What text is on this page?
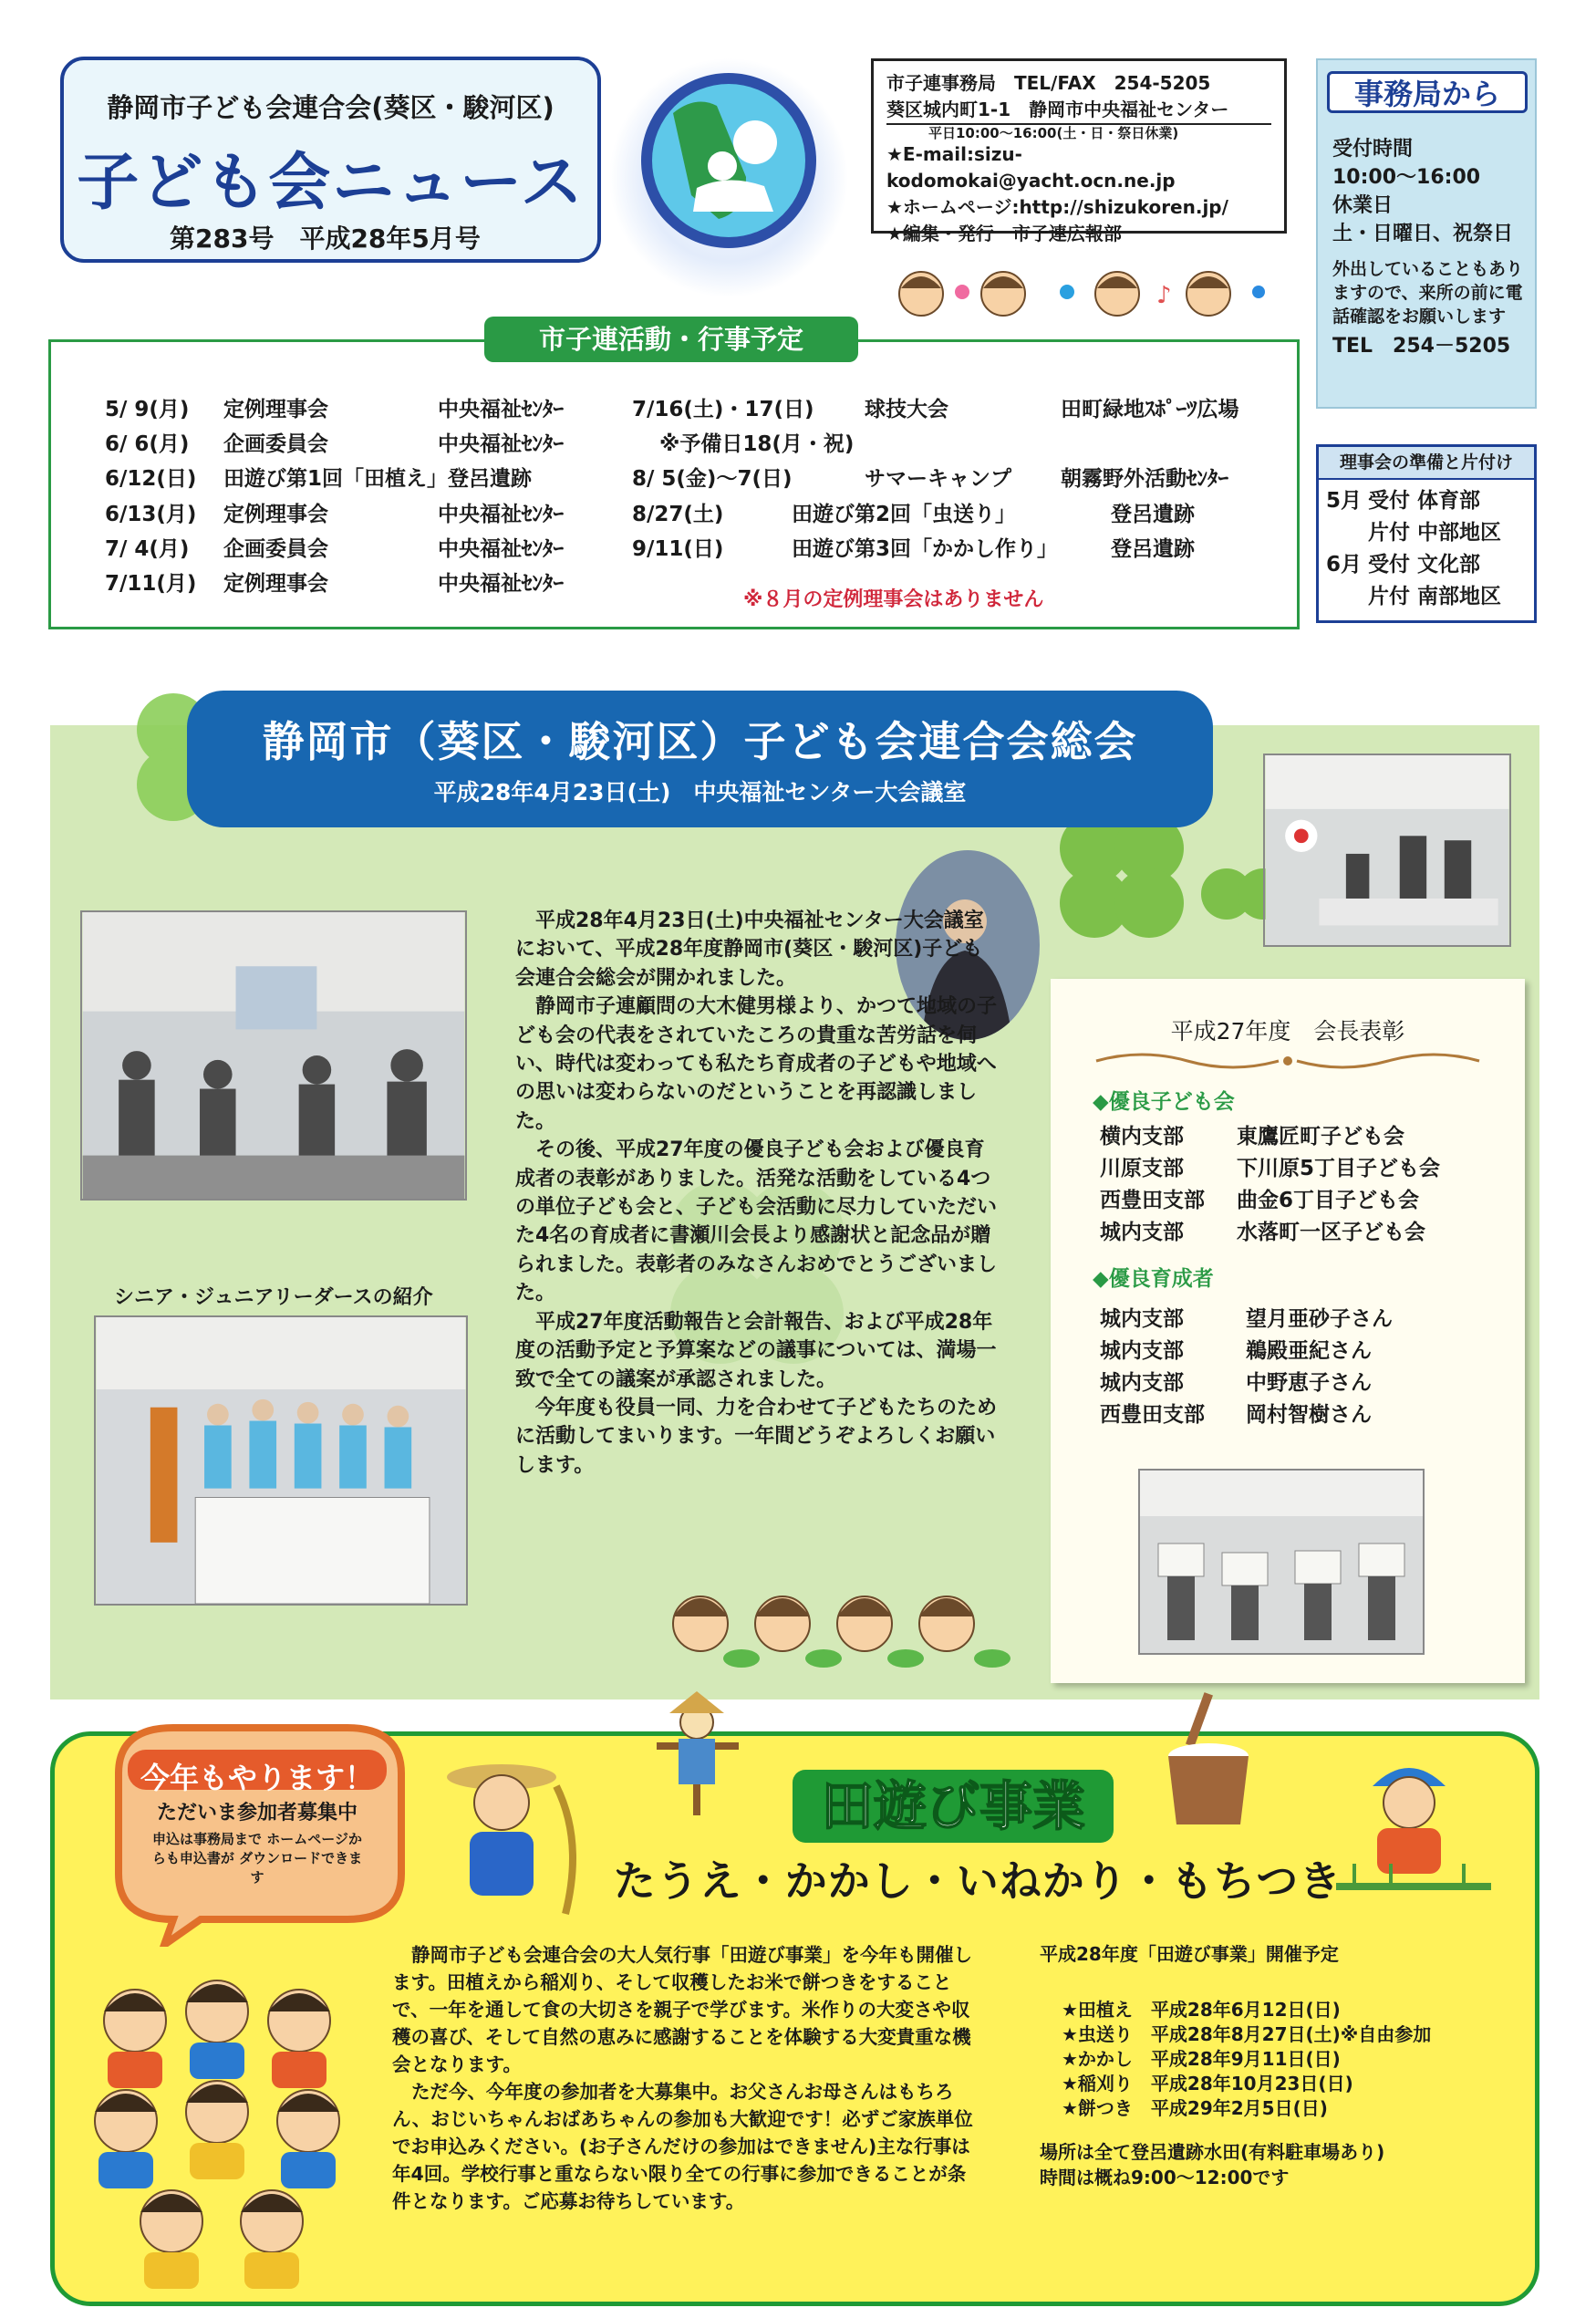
静岡市子ども会連合会(葵区・駿河区)
子ども会ニュース
第283号　平成28年5月号
市子連事務局　TEL/FAX　254-5205
葵区城内町1-1　静岡市中央福祉センター
平日10:00～16:00(土・日・祭日休業)
★E-mail:sizu-kodomokai@yacht.ocn.ne.jp
★ホームページ:http://shizukoren.jp/
★編集・発行　市子連広報部
♪
事務局から
受付時間
10:00～16:00
休業日
土・日曜日、祝祭日
外出していることもありますので、来所の前に電話確認をお願いします
TEL　254－5205
市子連活動・行事予定
5/ 9(月) 定例理事会	中央福祉ｾﾝﾀｰ
6/ 6(月) 企画委員会	中央福祉ｾﾝﾀｰ
6/12(日) 田遊び第1回「田植え」登呂遺跡
6/13(月) 定例理事会	中央福祉ｾﾝﾀｰ
7/ 4(月) 企画委員会	中央福祉ｾﾝﾀｰ
7/11(月) 定例理事会	中央福祉ｾﾝﾀｰ
7/16(土)・17(日) 球技大会	田町緑地ｽﾎﾟｰﾂ広場
※予備日18(月・祝)
8/ 5(金)～7(日)	サマーキャンプ 朝霧野外活動ｾﾝﾀｰ
8/27(土)	田遊び第2回「虫送り」	登呂遺跡
9/11(日)	田遊び第3回「かかし作り」	登呂遺跡
※８月の定例理事会はありません
理事会の準備と片付け
5月 受付 体育部
片付 中部地区
6月 受付 文化部
片付 南部地区
静岡市（葵区・駿河区）子ども会連合会総会
平成28年4月23日(土)　中央福祉センター大会議室
シニア・ジュニアリーダースの紹介

平成28年4月23日(土)中央福祉センター大会議室において、平成28年度静岡市(葵区・駿河区)子ども会連合会総会が開かれました。

静岡市子連顧問の大木健男様より、かつて地域の子ども会の代表をされていたころの貴重な苦労話を伺い、時代は変わっても私たち育成者の子どもや地域への思いは変わらないのだということを再認識しました。

その後、平成27年度の優良子ども会および優良育成者の表彰がありました。活発な活動をしている4つの単位子ども会と、子ども会活動に尽力していただいた4名の育成者に書瀬川会長より感謝状と記念品が贈られました。表彰者のみなさんおめでとうございました。

平成27年度活動報告と会計報告、および平成28年度の活動予定と予算案などの議事については、満場一致で全ての議案が承認されました。

今年度も役員一同、力を合わせて子どもたちのために活動してまいります。一年間どうぞよろしくお願いします。

平成27年度　会長表彰
◆優良子ども会
横内支部	東鷹匠町子ども会
川原支部	下川原5丁目子ども会
西豊田支部 曲金6丁目子ども会
城内支部	水落町一区子ども会
◆優良育成者
城内支部	望月亜砂子さん
城内支部	鵜殿亜紀さん
城内支部	中野恵子さん
西豊田支部 岡村智樹さん
今年もやります！
ただいま参加者募集中
申込は事務局まで ホームページからも申込書が ダウンロードできます
田遊び事業
たうえ・かかし・いねかり・もちつき

静岡市子ども会連合会の大人気行事「田遊び事業」を今年も開催します。田植えから稲刈り、そして収穫したお米で餅つきをすることで、一年を通して食の大切さを親子で学びます。米作りの大変さや収穫の喜び、そして自然の恵みに感謝することを体験する大変貴重な機会となります。

ただ今、今年度の参加者を大募集中。お父さんお母さんはもちろん、おじいちゃんおばあちゃんの参加も大歓迎です！必ずご家族単位でお申込みください。(お子さんだけの参加はできません)主な行事は年4回。学校行事と重ならない限り全ての行事に参加できることが条件となります。ご応募お待ちしています。

平成28年度「田遊び事業」開催予定
★田植え　平成28年6月12日(日)
★虫送り　平成28年8月27日(土)※自由参加
★かかし　平成28年9月11日(日)
★稲刈り　平成28年10月23日(日)
★餅つき　平成29年2月5日(日)
場所は全て登呂遺跡水田(有料駐車場あり)
時間は概ね9:00～12:00です
